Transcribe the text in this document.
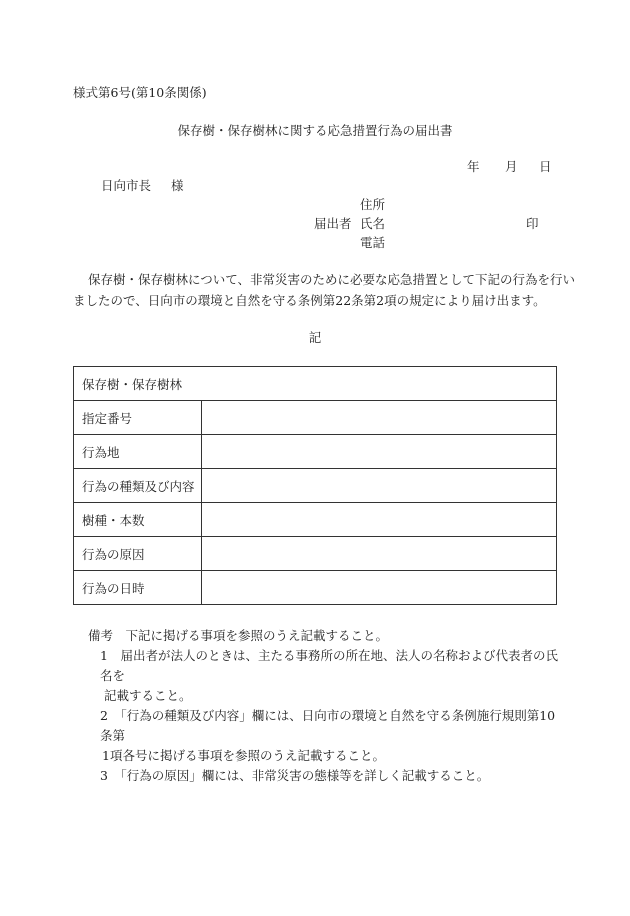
様式第6号(第10条関係)
保存樹・保存樹林に関する応急措置行為の届出書
年 月 日
日向市長 様
住所
届出者 氏名	印
電話
保存樹・保存樹林について、非常災害のために必要な応急措置として下記の行為を行い
ましたので、日向市の環境と自然を守る条例第22条第2項の規定により届け出ます。
記
保存樹・保存樹林	
指定番号	
行為地	
行為の種類及び内容	
樹種・本数	
行為の原因	
行為の日時	
備考　下記に掲げる事項を参照のうえ記載すること。
1　 届出者が法人のときは、主たる事務所の所在地、法人の名称および代表者の氏名を
記載すること。
2　 「行為の種類及び内容」欄には、日向市の環境と自然を守る条例施行規則第10条第
1項各号に掲げる事項を参照のうえ記載すること。
3　 「行為の原因」欄には、非常災害の態様等を詳しく記載すること。
